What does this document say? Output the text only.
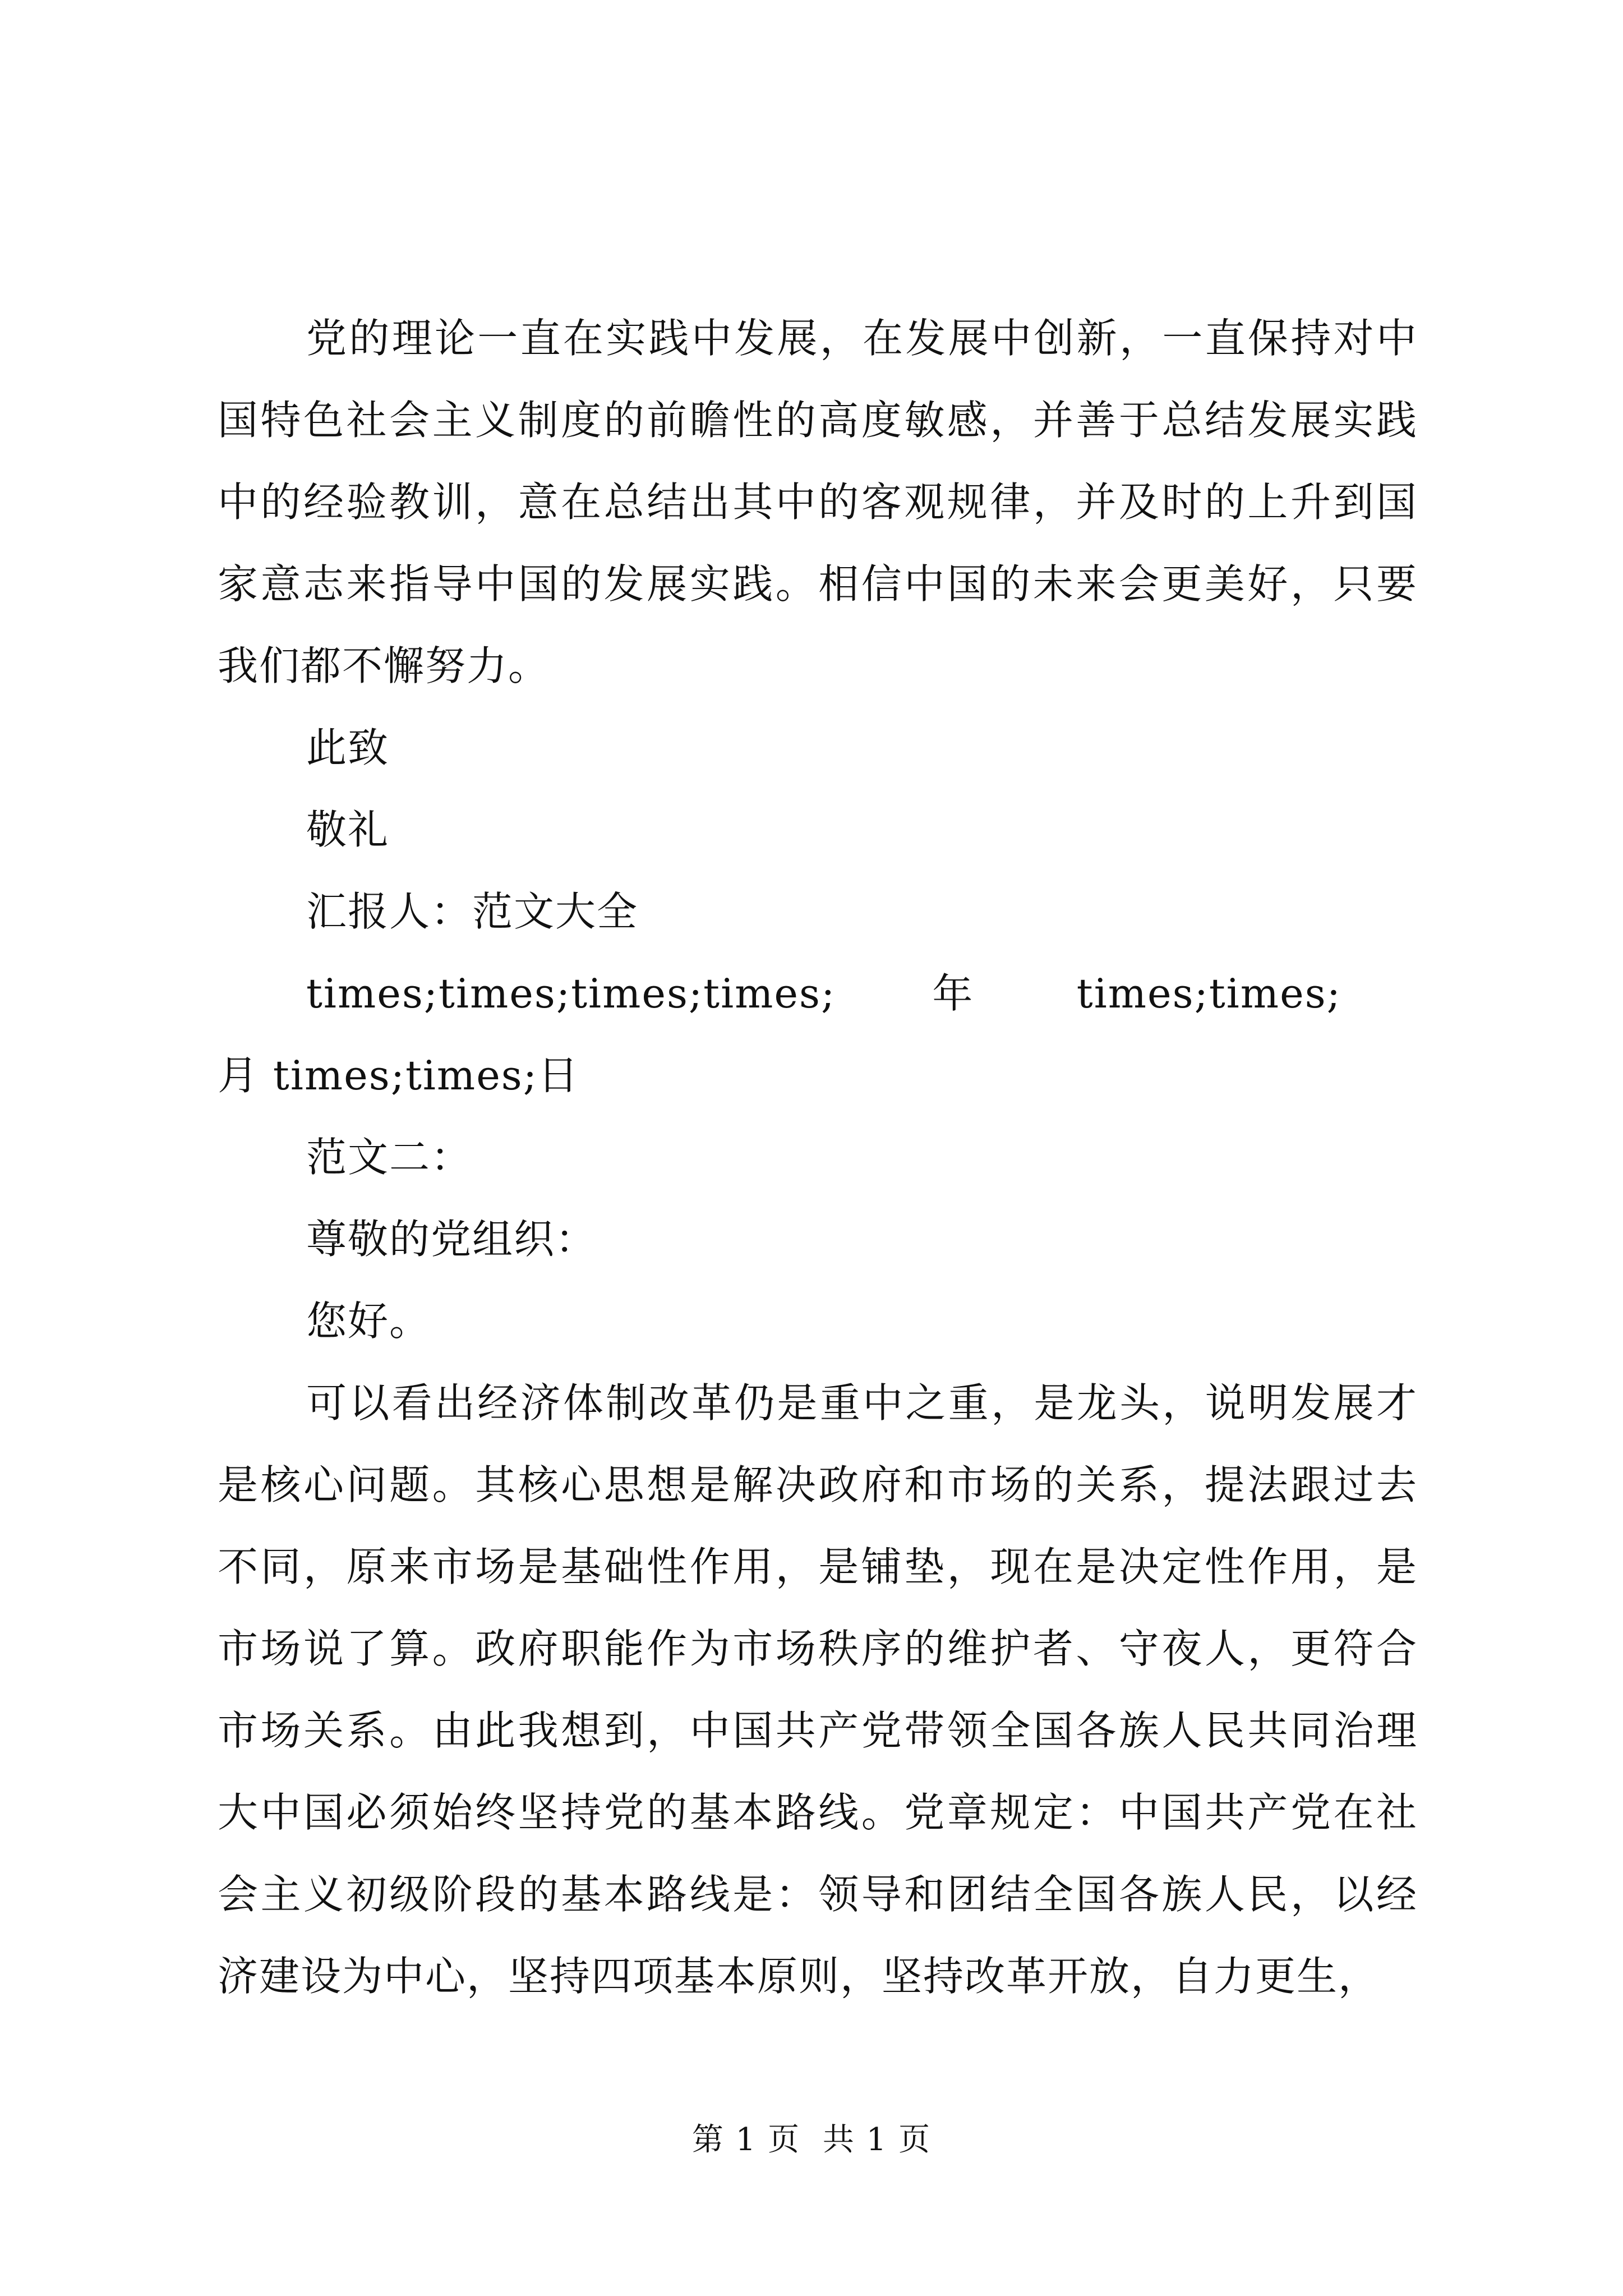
党的理论一直在实践中发展，在发展中创新，一直保持对中国特色社会主义制度的前瞻性的高度敏感，并善于总结发展实践中的经验教训，意在总结出其中的客观规律，并及时的上升到国家意志来指导中国的发展实践。相信中国的未来会更美好，只要我们都不懈努力。

此致

敬礼

汇报人：范文大全

times;times;times;times; 年	times;times;  月 times;times;日

范文二：

尊敬的党组织：

您好。

可以看出经济体制改革仍是重中之重，是龙头，说明发展才是核心问题。其核心思想是解决政府和市场的关系，提法跟过去不同，原来市场是基础性作用，是铺垫，现在是决定性作用，是市场说了算。政府职能作为市场秩序的维护者、守夜人，更符合市场关系。由此我想到，中国共产党带领全国各族人民共同治理大中国必须始终坚持党的基本路线。党章规定：中国共产党在社会主义初级阶段的基本路线是：领导和团结全国各族人民，以经济建设为中心，坚持四项基本原则，坚持改革开放，自力更生，

第 1 页 共 1 页
